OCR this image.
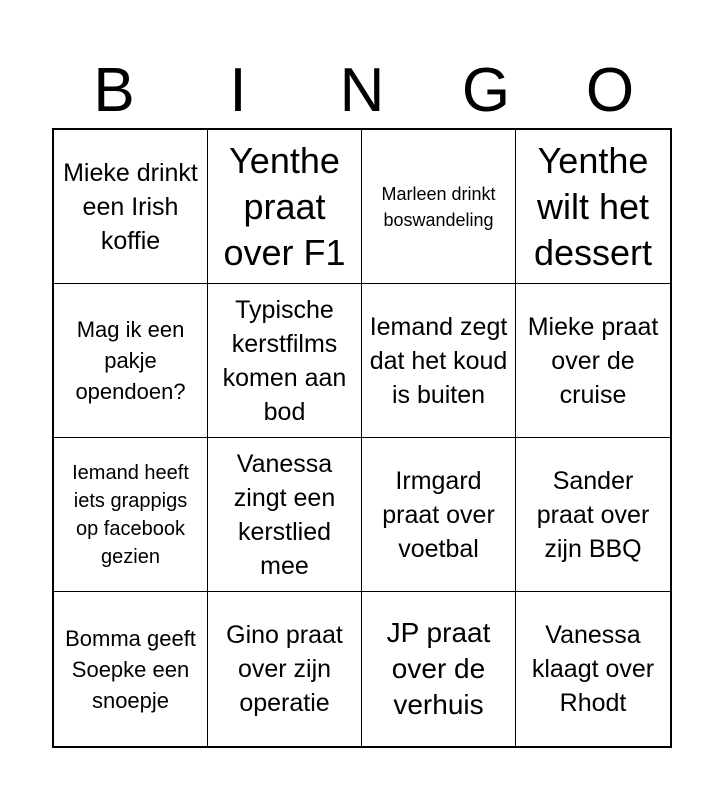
B	I	N	G	O
Mieke drinkt een Irish koffie
Yenthe praat over F1
Marleen drinkt boswandeling
Yenthe wilt het dessert
Mag ik een pakje opendoen?
Typische kerstfilms komen aan bod
Iemand zegt dat het koud is buiten
Mieke praat over de cruise
Iemand heeft iets grappigs op facebook gezien
Vanessa zingt een kerstlied mee
Irmgard praat over voetbal
Sander praat over zijn BBQ
Bomma geeft Soepke een snoepje
Gino praat over zijn operatie
JP praat over de verhuis
Vanessa klaagt over Rhodt
